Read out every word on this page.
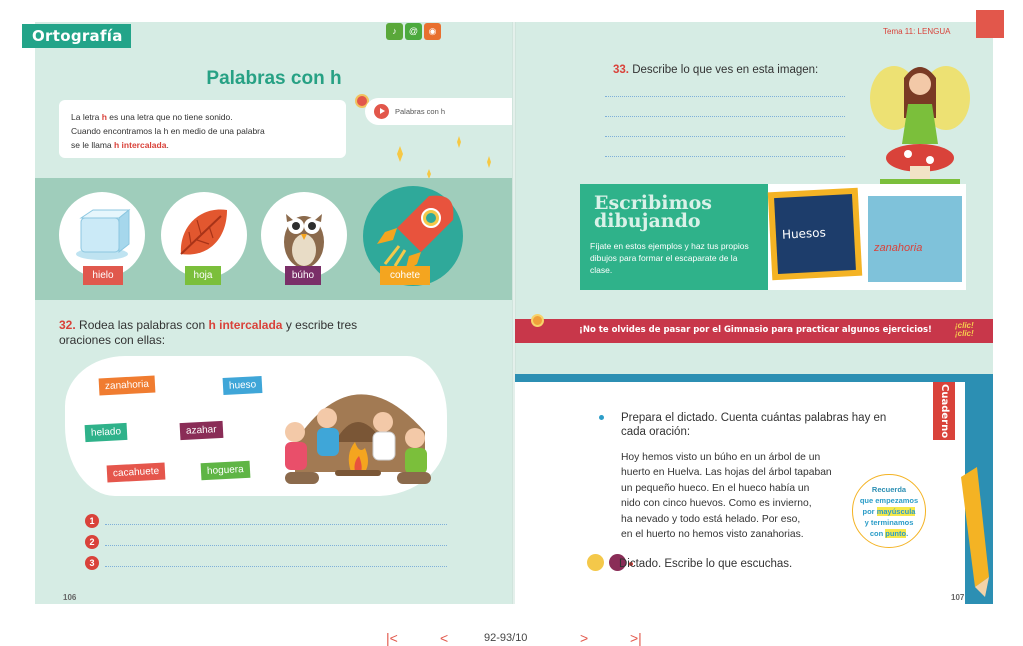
Palabras con h
La letra h es una letra que no tiene sonido.
Cuando encontramos la h en medio de una palabra
se le llama h intercalada.
Palabras con h
hielo	hoja	búho	cohete
32. Rodea las palabras con h intercalada y escribe tres oraciones con ellas:
zanahoria	hueso
helado	azahar
cacahuete	hoguera
1
2
3
106
33. Describe lo que ves en esta imagen:
Escribimos
dibujando
Fíjate en estos ejemplos y haz tus propios dibujos para formar el escaparate de la clase.
Huesos
zanahoria
¡No te olvides de pasar por el Gimnasio para practicar algunos ejercicios!	¡clic!
¡clic!
Cuaderno
Prepara el dictado. Cuenta cuántas palabras hay en cada oración:
Hoy hemos visto un búho en un árbol de un
huerto en Huelva. Las hojas del árbol tapaban
un pequeño hueco. En el hueco había un
nido con cinco huevos. Como es invierno,
ha nevado y todo está helado. Por eso,
en el huerto no hemos visto zanahorias.
Recuerda
que empezamos
por mayúscula
y terminamos
con punto.
Dictado. Escribe lo que escuchas.
107
Ortografía	♪	@	◉	Tema 11: LENGUA
|<	<	92-93/10	>	>|
